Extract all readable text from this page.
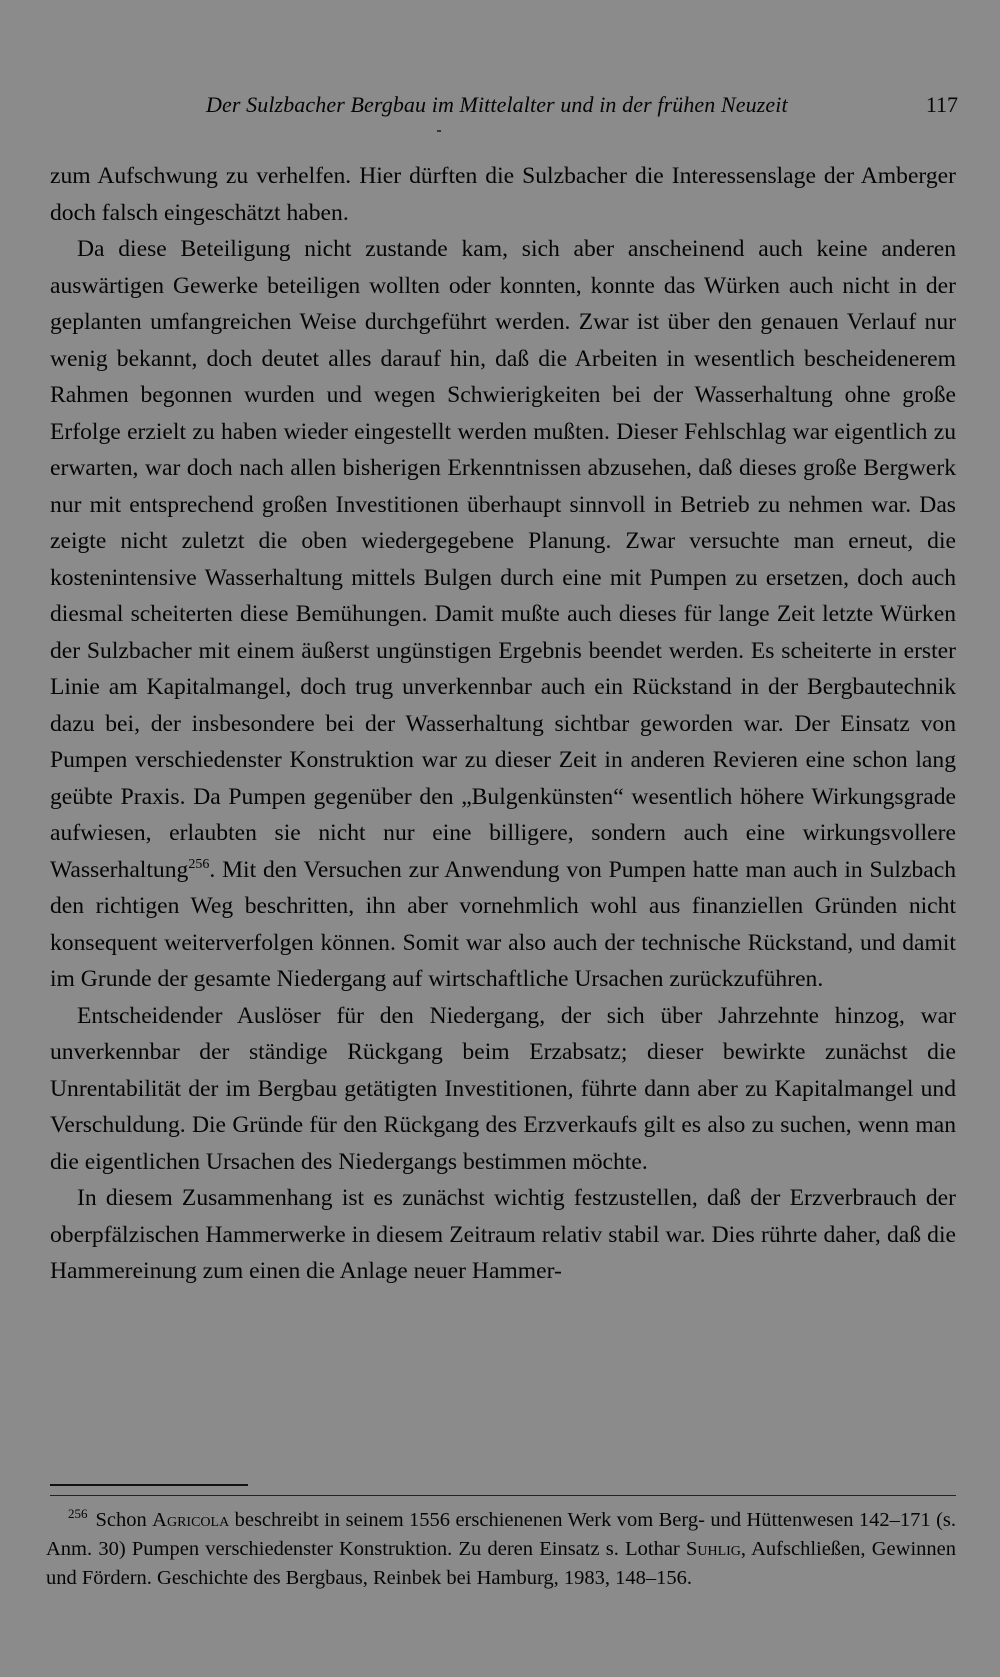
Der Sulzbacher Bergbau im Mittelalter und in der frühen Neuzeit	117

zum Aufschwung zu verhelfen. Hier dürften die Sulzbacher die Interessenslage der Amberger doch falsch eingeschätzt haben.

Da diese Beteiligung nicht zustande kam, sich aber anscheinend auch keine anderen auswärtigen Gewerke beteiligen wollten oder konnten, konnte das Würken auch nicht in der geplanten umfangreichen Weise durchgeführt werden. Zwar ist über den genauen Verlauf nur wenig bekannt, doch deutet alles darauf hin, daß die Arbeiten in wesentlich bescheidenerem Rahmen begonnen wurden und wegen Schwierigkeiten bei der Wasserhaltung ohne große Erfolge erzielt zu haben wieder eingestellt werden mußten. Dieser Fehlschlag war eigentlich zu erwarten, war doch nach allen bisherigen Erkenntnissen abzusehen, daß dieses große Bergwerk nur mit entsprechend großen Investitionen überhaupt sinnvoll in Betrieb zu nehmen war. Das zeigte nicht zuletzt die oben wiedergegebene Planung. Zwar versuchte man erneut, die kostenintensive Wasserhaltung mittels Bulgen durch eine mit Pumpen zu ersetzen, doch auch diesmal scheiterten diese Bemühungen. Damit mußte auch dieses für lange Zeit letzte Würken der Sulzbacher mit einem äußerst ungünstigen Ergebnis beendet werden. Es scheiterte in erster Linie am Kapitalmangel, doch trug unverkennbar auch ein Rückstand in der Bergbautechnik dazu bei, der insbesondere bei der Wasserhaltung sichtbar geworden war. Der Einsatz von Pumpen verschiedenster Konstruktion war zu dieser Zeit in anderen Revieren eine schon lang geübte Praxis. Da Pumpen gegenüber den „Bulgenkünsten“ wesentlich höhere Wirkungsgrade aufwiesen, erlaubten sie nicht nur eine billigere, sondern auch eine wirkungsvollere Wasserhaltung$^{256}$. Mit den Versuchen zur Anwendung von Pumpen hatte man auch in Sulzbach den richtigen Weg beschritten, ihn aber vornehmlich wohl aus finanziellen Gründen nicht konsequent weiterverfolgen können. Somit war also auch der technische Rückstand, und damit im Grunde der gesamte Niedergang auf wirtschaftliche Ursachen zurückzuführen.

Entscheidender Auslöser für den Niedergang, der sich über Jahrzehnte hinzog, war unverkennbar der ständige Rückgang beim Erzabsatz; dieser bewirkte zunächst die Unrentabilität der im Bergbau getätigten Investitionen, führte dann aber zu Kapitalmangel und Verschuldung. Die Gründe für den Rückgang des Erzverkaufs gilt es also zu suchen, wenn man die eigentlichen Ursachen des Niedergangs bestimmen möchte.

In diesem Zusammenhang ist es zunächst wichtig festzustellen, daß der Erzverbrauch der oberpfälzischen Hammerwerke in diesem Zeitraum relativ stabil war. Dies rührte daher, daß die Hammereinung zum einen die Anlage neuer Hammer-

$^{256}$ Schon Agricola beschreibt in seinem 1556 erschienenen Werk vom Berg- und Hüttenwesen 142–171 (s. Anm. 30) Pumpen verschiedenster Konstruktion. Zu deren Einsatz s. Lothar Suhlig, Aufschließen, Gewinnen und Fördern. Geschichte des Bergbaus, Reinbek bei Hamburg, 1983, 148–156.
